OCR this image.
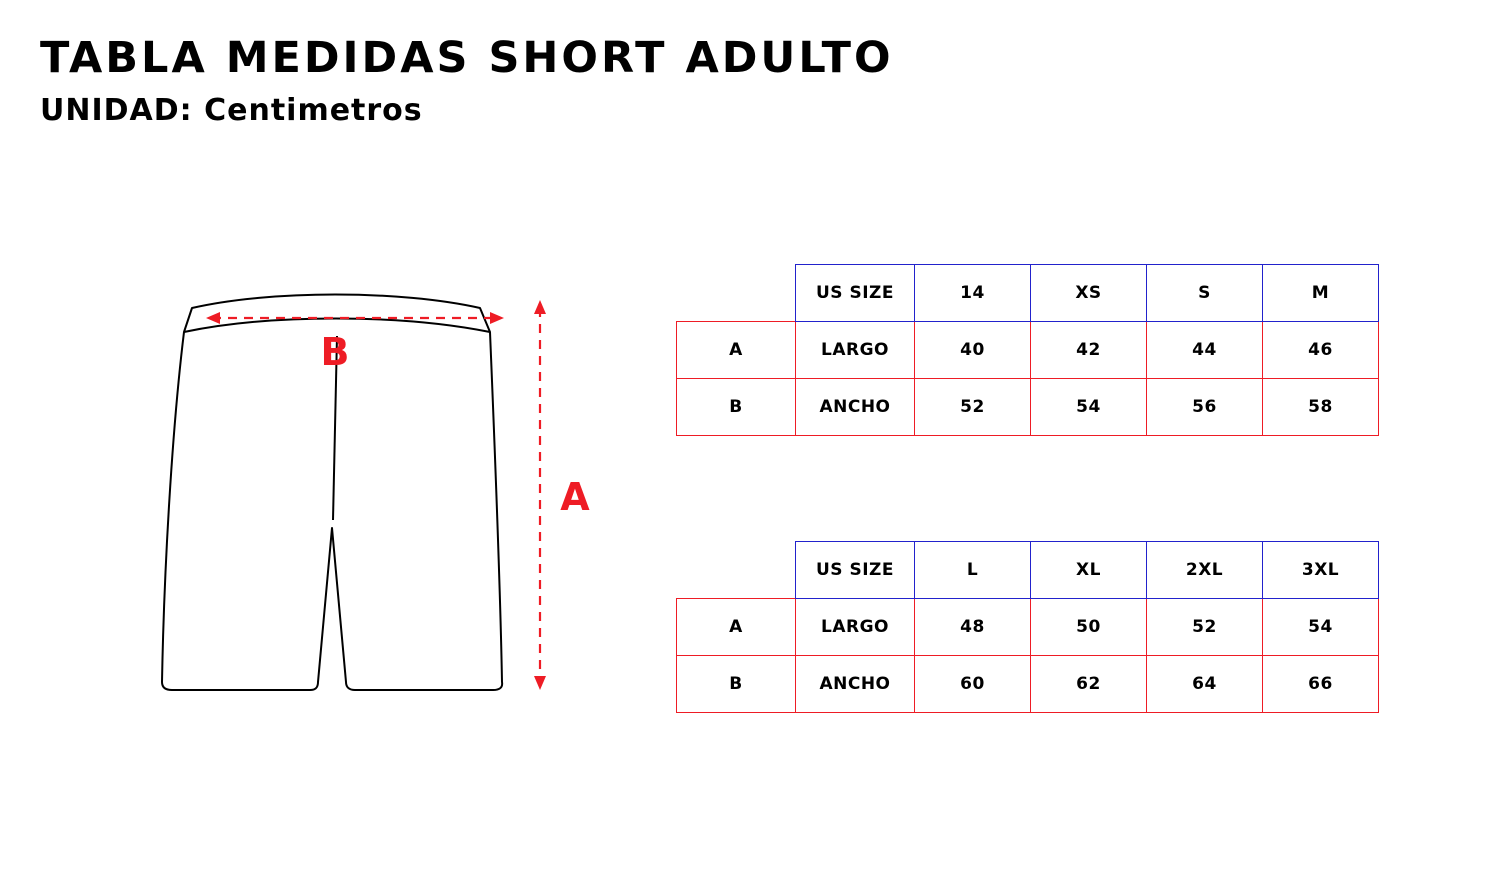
TABLA MEDIDAS SHORT ADULTO
UNIDAD: Centimetros
B
A
	US SIZE	14	XS	S	M
A	LARGO	40	42	44	46
B	ANCHO	52	54	56	58
	US SIZE	L	XL	2XL	3XL
A	LARGO	48	50	52	54
B	ANCHO	60	62	64	66
